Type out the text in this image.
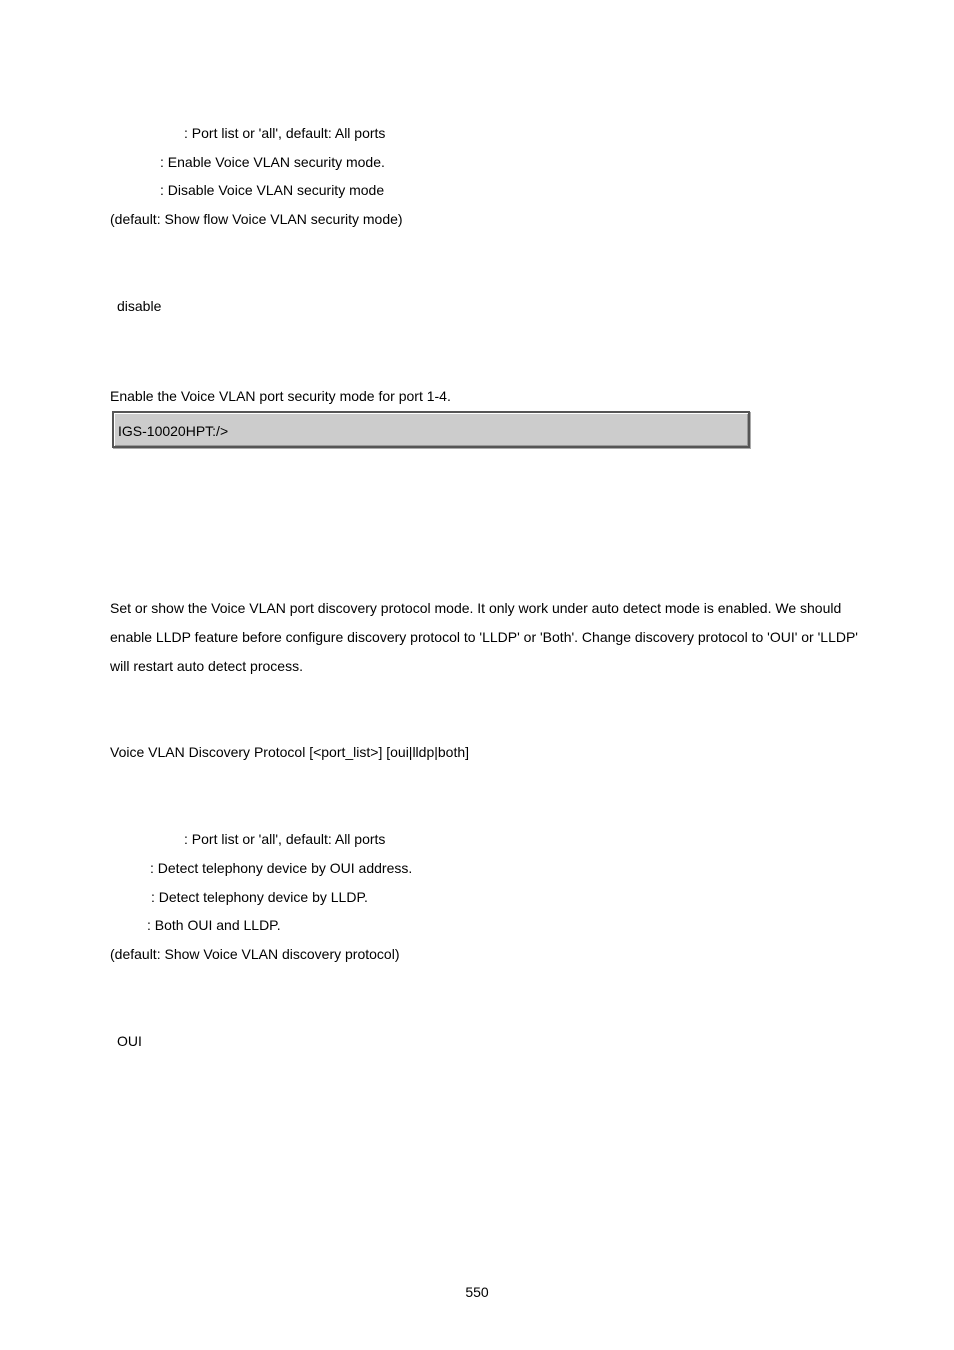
: Port list or 'all', default: All ports
: Enable Voice VLAN security mode.
: Disable Voice VLAN security mode
(default: Show flow Voice VLAN security mode)
disable
Enable the Voice VLAN port security mode for port 1-4.
IGS-10020HPT:/>
Set or show the Voice VLAN port discovery protocol mode. It only work under auto detect mode is enabled. We should
enable LLDP feature before configure discovery protocol to 'LLDP' or 'Both'. Change discovery protocol to 'OUI' or 'LLDP'
will restart auto detect process.
Voice VLAN Discovery Protocol [<port_list>] [oui|lldp|both]
: Port list or 'all', default: All ports
: Detect telephony device by OUI address.
: Detect telephony device by LLDP.
: Both OUI and LLDP.
(default: Show Voice VLAN discovery protocol)
OUI
550
